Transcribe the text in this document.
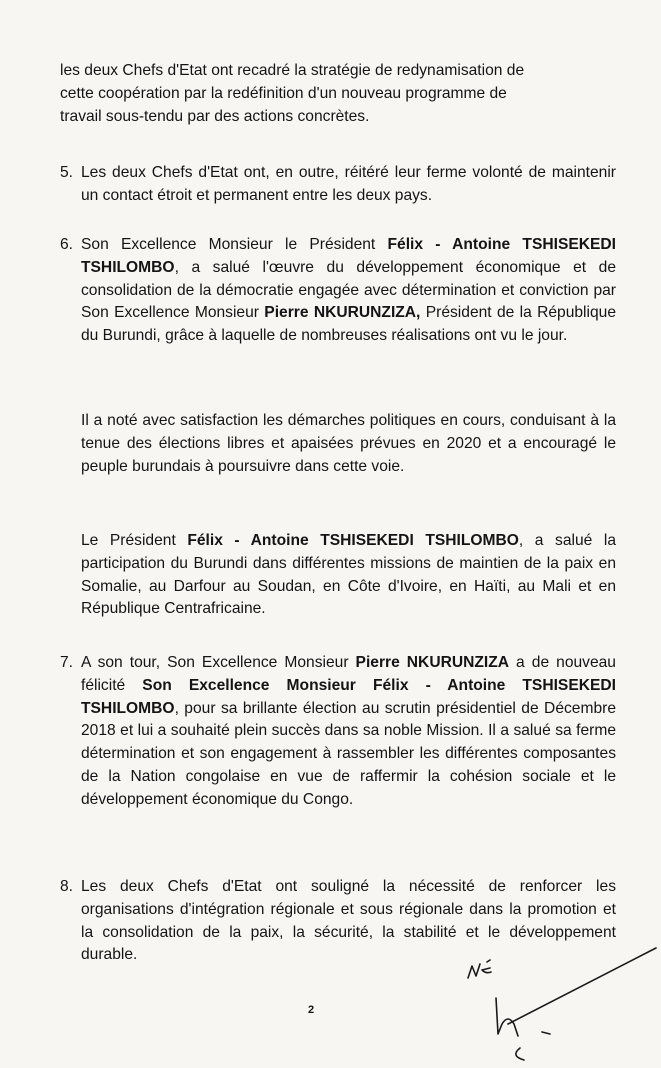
les deux Chefs d'Etat ont recadré la stratégie de redynamisation de
cette coopération par la redéfinition d'un nouveau programme de
travail sous-tendu par des actions concrètes.
5. Les deux Chefs d'Etat ont, en outre, réitéré leur ferme volonté de maintenir un contact étroit et permanent entre les deux pays.
6. Son Excellence Monsieur le Président Félix - Antoine TSHISEKEDI TSHILOMBO, a salué l'œuvre du développement économique et de consolidation de la démocratie engagée avec détermination et conviction par Son Excellence Monsieur Pierre NKURUNZIZA, Président de la République du Burundi, grâce à laquelle de nombreuses réalisations ont vu le jour.
Il a noté avec satisfaction les démarches politiques en cours, conduisant à la tenue des élections libres et apaisées prévues en 2020 et a encouragé le peuple burundais à poursuivre dans cette voie.
Le Président Félix - Antoine TSHISEKEDI TSHILOMBO, a salué la participation du Burundi dans différentes missions de maintien de la paix en Somalie, au Darfour au Soudan, en Côte d'Ivoire, en Haïti, au Mali et en République Centrafricaine.
7. A son tour, Son Excellence Monsieur Pierre NKURUNZIZA a de nouveau félicité Son Excellence Monsieur Félix - Antoine TSHISEKEDI TSHILOMBO, pour sa brillante élection au scrutin présidentiel de Décembre 2018 et lui a souhaité plein succès dans sa noble Mission. Il a salué sa ferme détermination et son engagement à rassembler les différentes composantes de la Nation congolaise en vue de raffermir la cohésion sociale et le développement économique du Congo.
8. Les deux Chefs d'Etat ont souligné la nécessité de renforcer les organisations d'intégration régionale et sous régionale dans la promotion et la consolidation de la paix, la sécurité, la stabilité et le développement durable.
2
